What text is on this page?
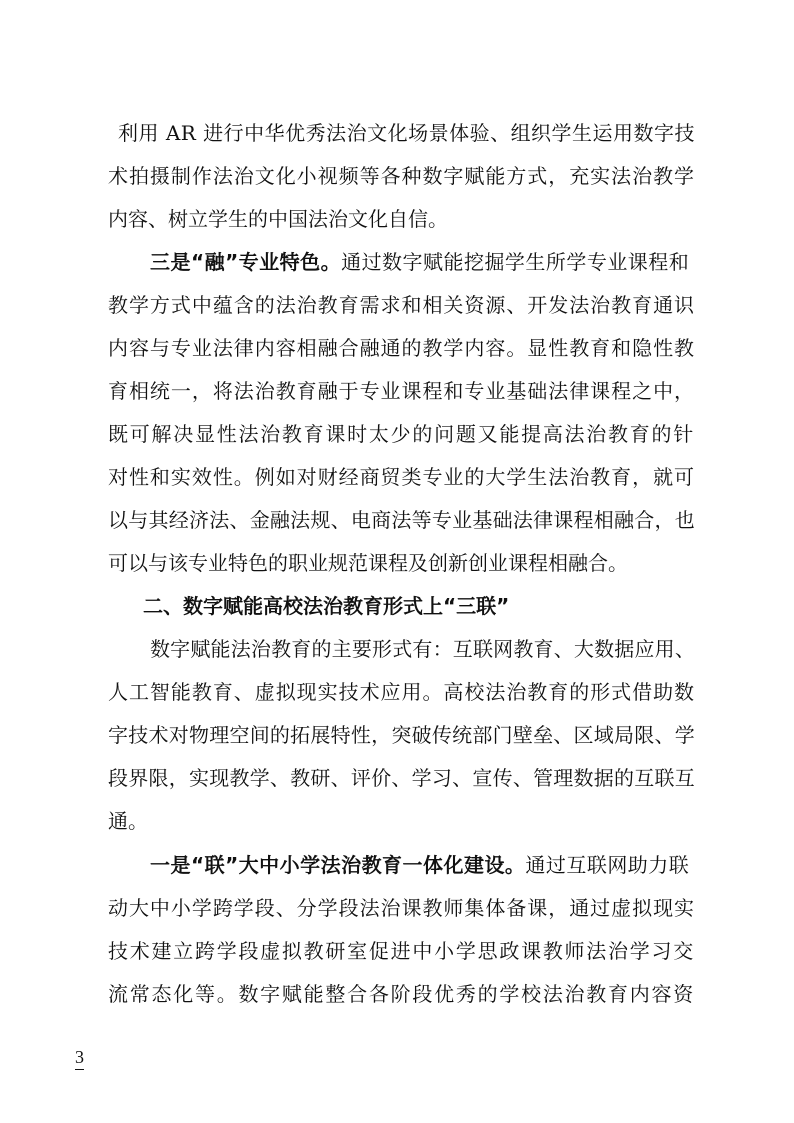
利用 AR 进行中华优秀法治文化场景体验、组织学生运用数字技
术拍摄制作法治文化小视频等各种数字赋能方式，充实法治教学
内容、树立学生的中国法治文化自信。
三是“融”专业特色。通过数字赋能挖掘学生所学专业课程和
教学方式中蕴含的法治教育需求和相关资源、开发法治教育通识
内容与专业法律内容相融合融通的教学内容。显性教育和隐性教
育相统一，将法治教育融于专业课程和专业基础法律课程之中，
既可解决显性法治教育课时太少的问题又能提高法治教育的针
对性和实效性。例如对财经商贸类专业的大学生法治教育，就可
以与其经济法、金融法规、电商法等专业基础法律课程相融合，也
可以与该专业特色的职业规范课程及创新创业课程相融合。
二、数字赋能高校法治教育形式上“三联”
数字赋能法治教育的主要形式有：互联网教育、大数据应用、
人工智能教育、虚拟现实技术应用。高校法治教育的形式借助数
字技术对物理空间的拓展特性，突破传统部门壁垒、区域局限、学
段界限，实现教学、教研、评价、学习、宣传、管理数据的互联互
通。
一是“联”大中小学法治教育一体化建设。通过互联网助力联
动大中小学跨学段、分学段法治课教师集体备课，通过虚拟现实
技术建立跨学段虚拟教研室促进中小学思政课教师法治学习交
流常态化等。数字赋能整合各阶段优秀的学校法治教育内容资
3
